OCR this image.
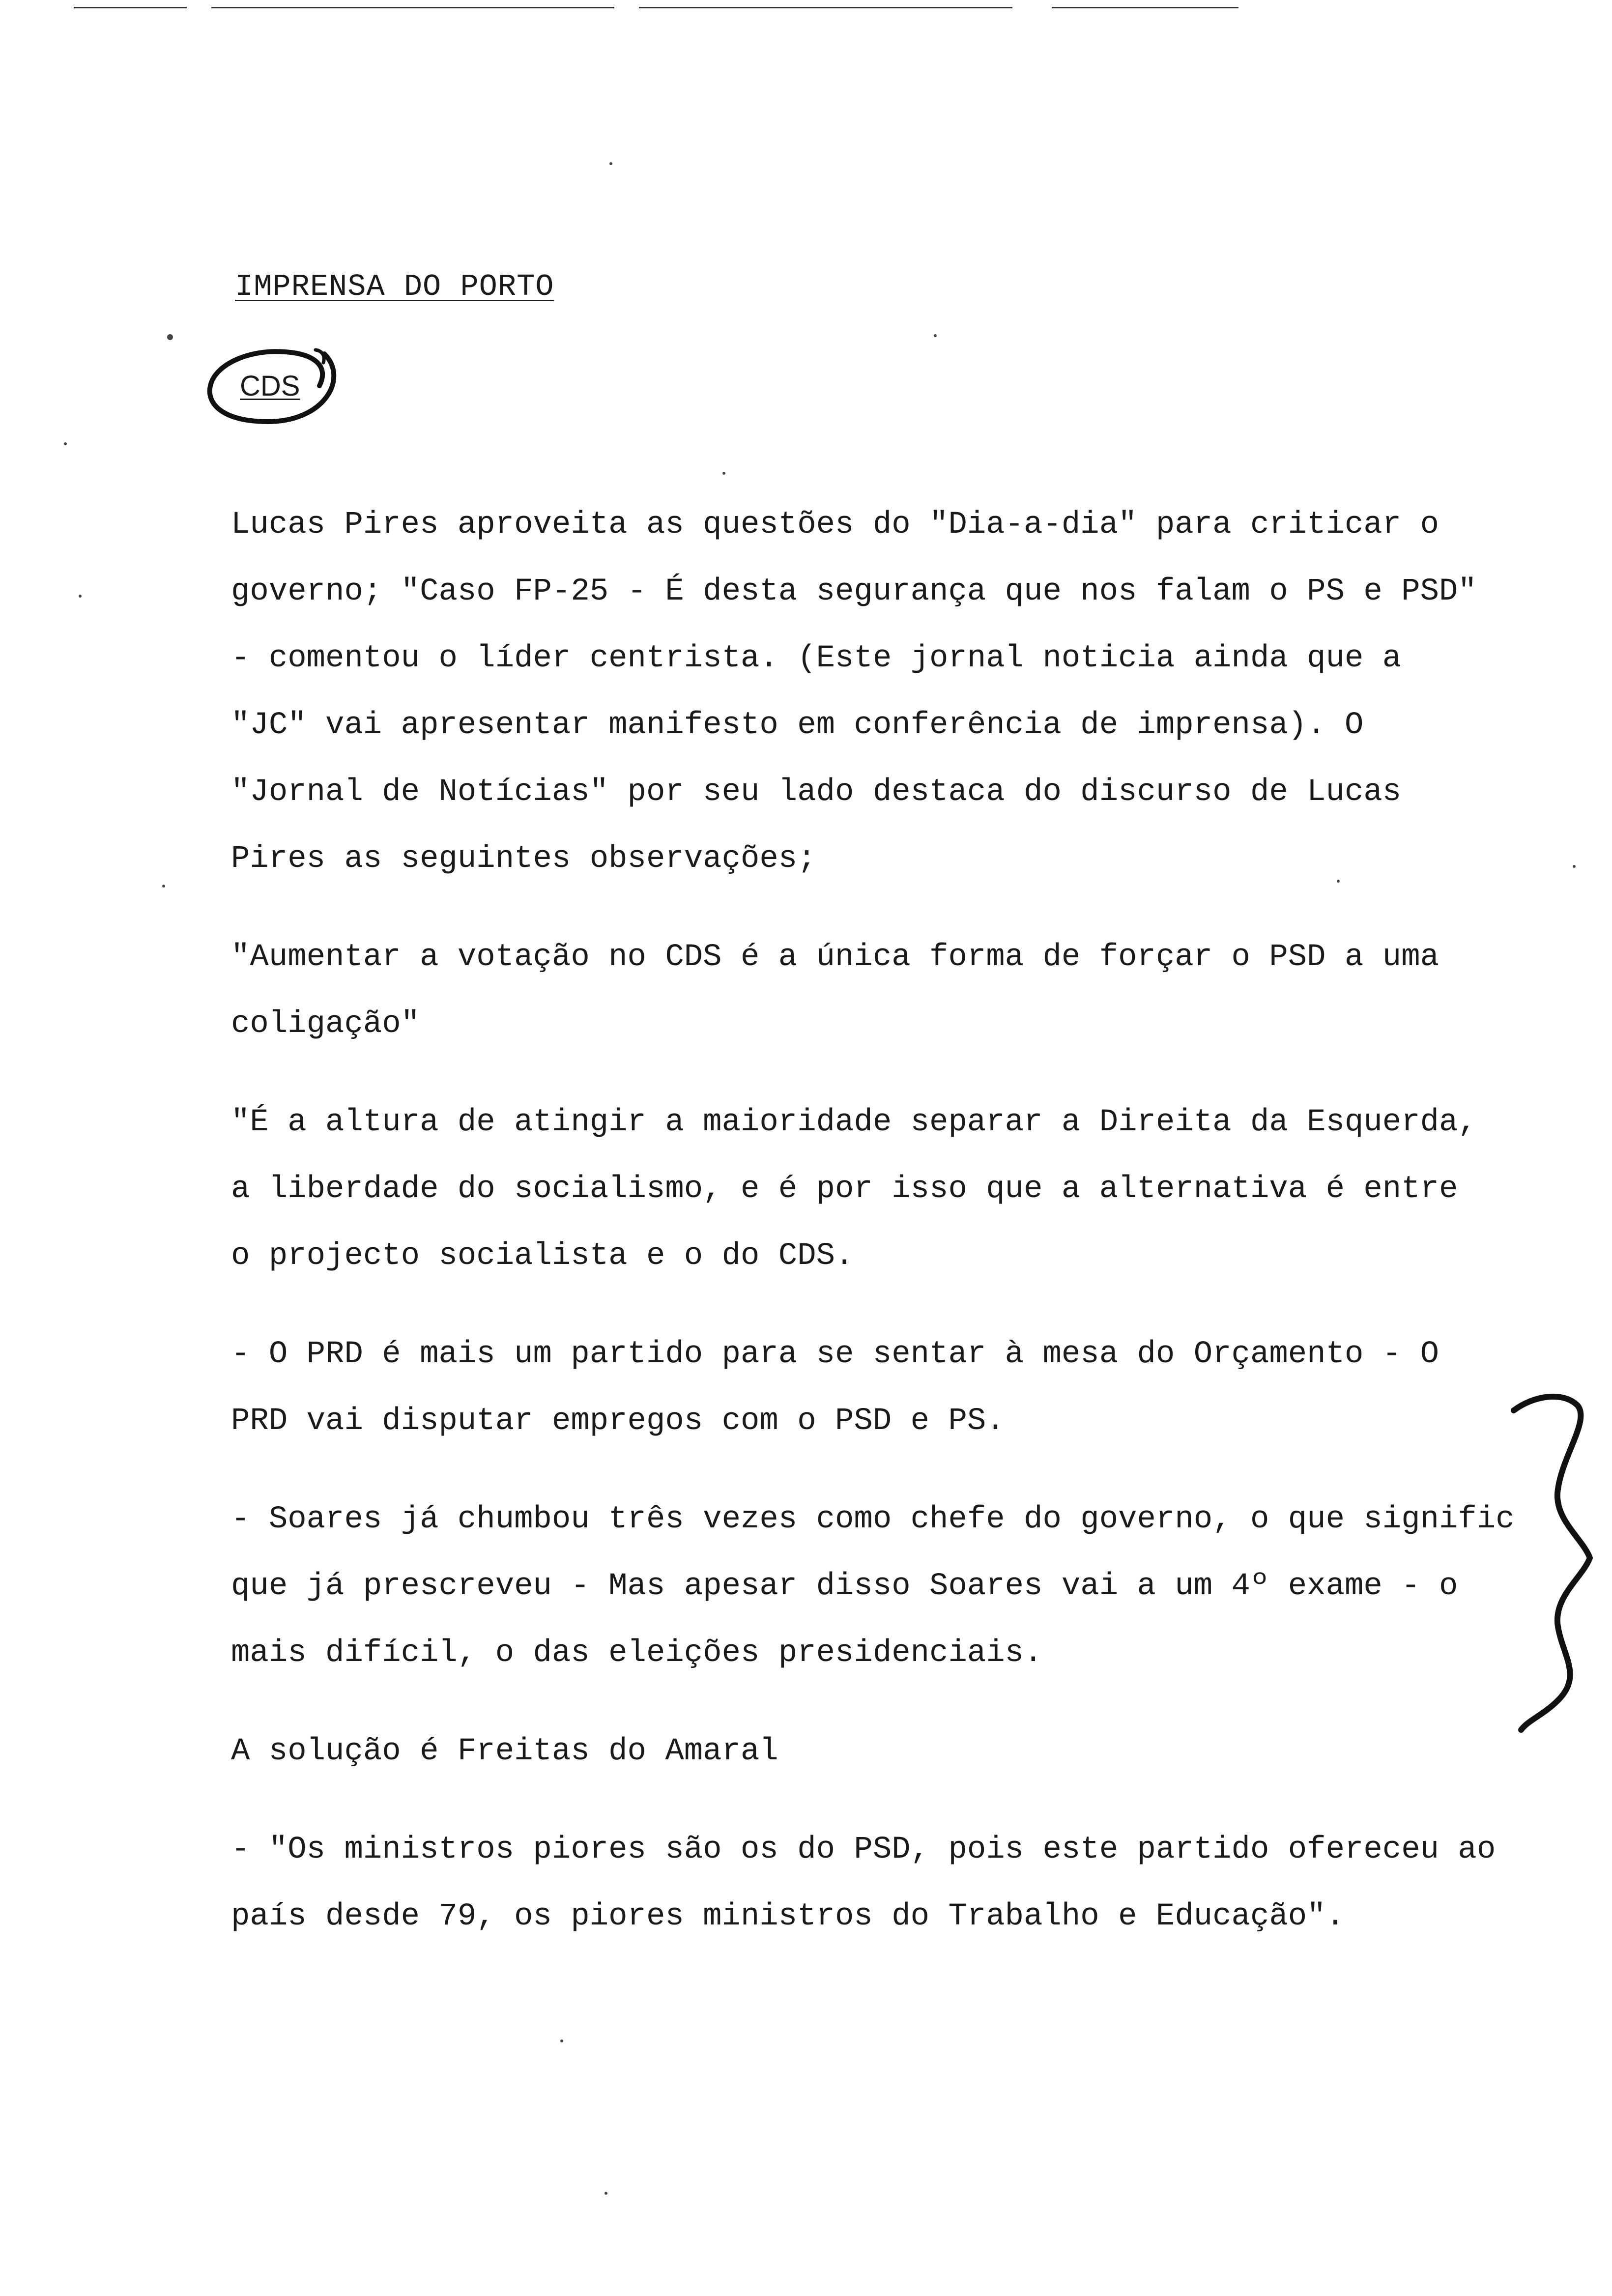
IMPRENSA DO PORTO
CDS
Lucas Pires aproveita as questões do "Dia-a-dia" para criticar o
governo; "Caso FP-25 - É desta segurança que nos falam o PS e PSD"
- comentou o líder centrista. (Este jornal noticia ainda que a
"JC" vai apresentar manifesto em conferência de imprensa). O
"Jornal de Notícias" por seu lado destaca do discurso de Lucas
Pires as seguintes observações;
"Aumentar a votação no CDS é a única forma de forçar o PSD a uma
coligação"
"É a altura de atingir a maioridade separar a Direita da Esquerda,
a liberdade do socialismo, e é por isso que a alternativa é entre
o projecto socialista e o do CDS.
- O PRD é mais um partido para se sentar à mesa do Orçamento - O
PRD vai disputar empregos com o PSD e PS.
- Soares já chumbou três vezes como chefe do governo, o que signific
que já prescreveu - Mas apesar disso Soares vai a um 4º exame - o
mais difícil, o das eleições presidenciais.
A solução é Freitas do Amaral
- "Os ministros piores são os do PSD, pois este partido ofereceu ao
país desde 79, os piores ministros do Trabalho e Educação".
